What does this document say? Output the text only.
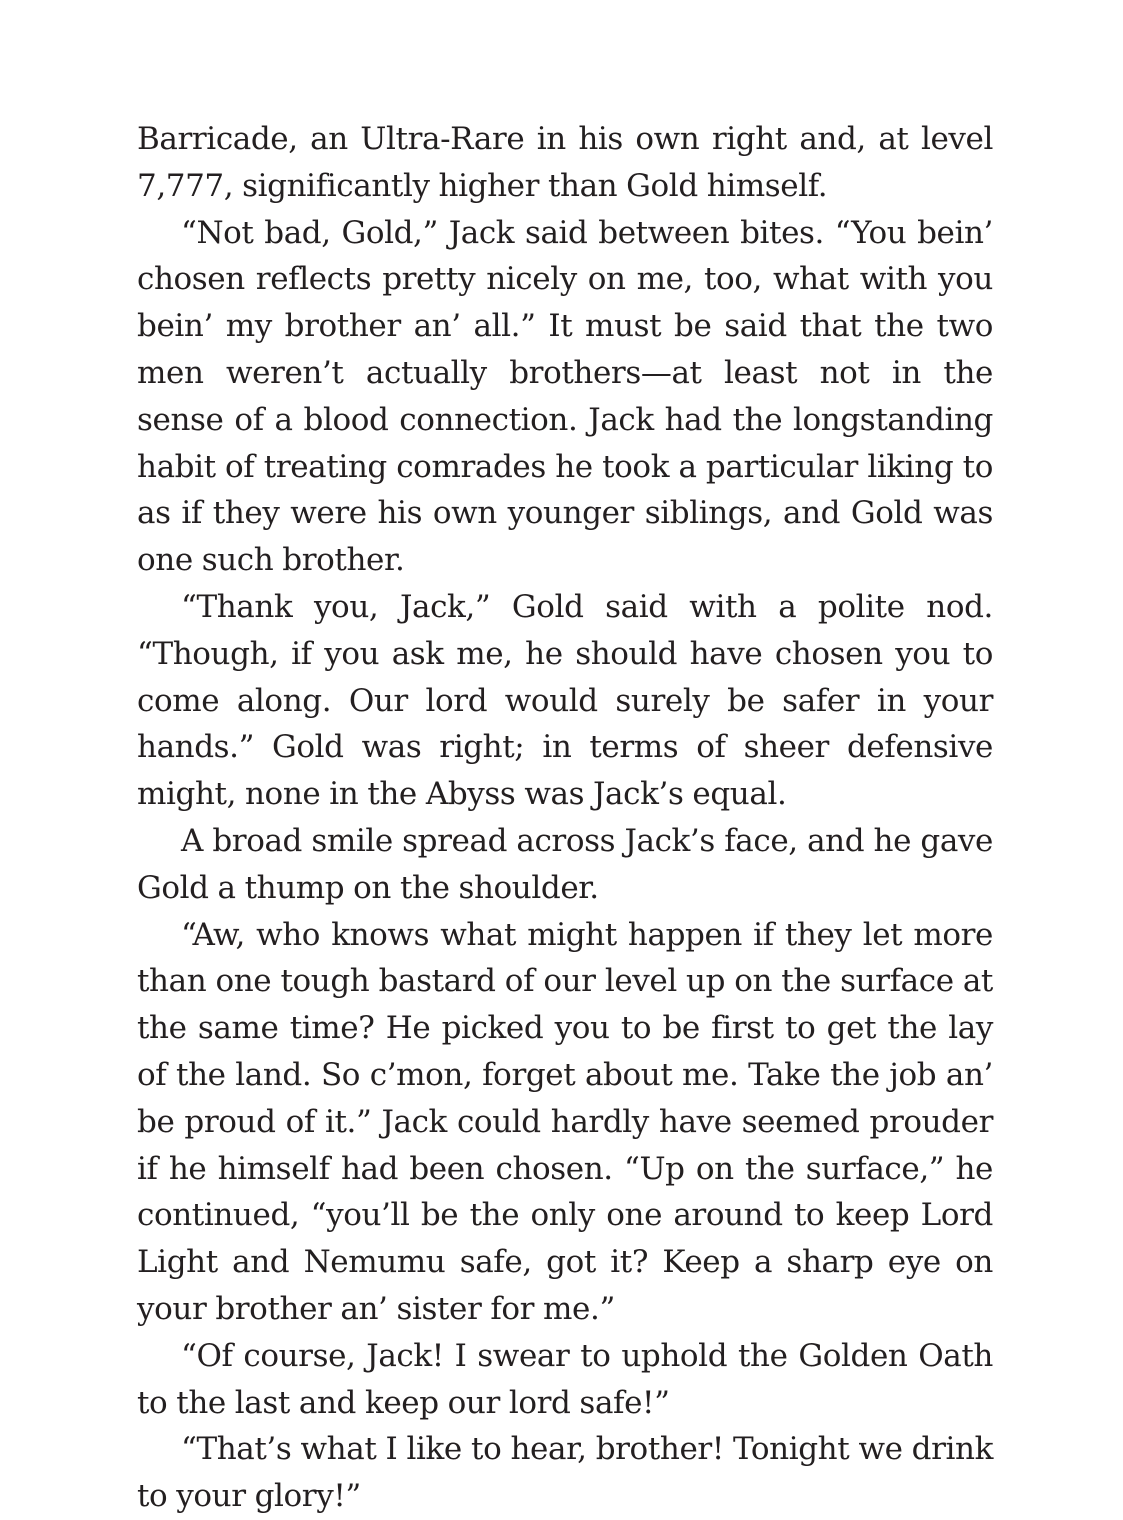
Barricade, an Ultra-Rare in his own right and, at level 7,777, significantly higher than Gold himself.

“Not bad, Gold,” Jack said between bites. “You bein’ chosen reflects pretty nicely on me, too, what with you bein’ my brother an’ all.” It must be said that the two men weren’t actually brothers—at least not in the sense of a blood connection. Jack had the longstanding habit of treating comrades he took a particular liking to as if they were his own younger siblings, and Gold was one such brother.

“Thank you, Jack,” Gold said with a polite nod. “Though, if you ask me, he should have chosen you to come along. Our lord would surely be safer in your hands.” Gold was right; in terms of sheer defensive might, none in the Abyss was Jack’s equal.

A broad smile spread across Jack’s face, and he gave Gold a thump on the shoulder.

“Aw, who knows what might happen if they let more than one tough bastard of our level up on the surface at the same time? He picked you to be first to get the lay of the land. So c’mon, forget about me. Take the job an’ be proud of it.” Jack could hardly have seemed prouder if he himself had been chosen. “Up on the surface,” he continued, “you’ll be the only one around to keep Lord Light and Nemumu safe, got it? Keep a sharp eye on your brother an’ sister for me.”

“Of course, Jack! I swear to uphold the Golden Oath to the last and keep our lord safe!”

“That’s what I like to hear, brother! Tonight we drink to your glory!”
